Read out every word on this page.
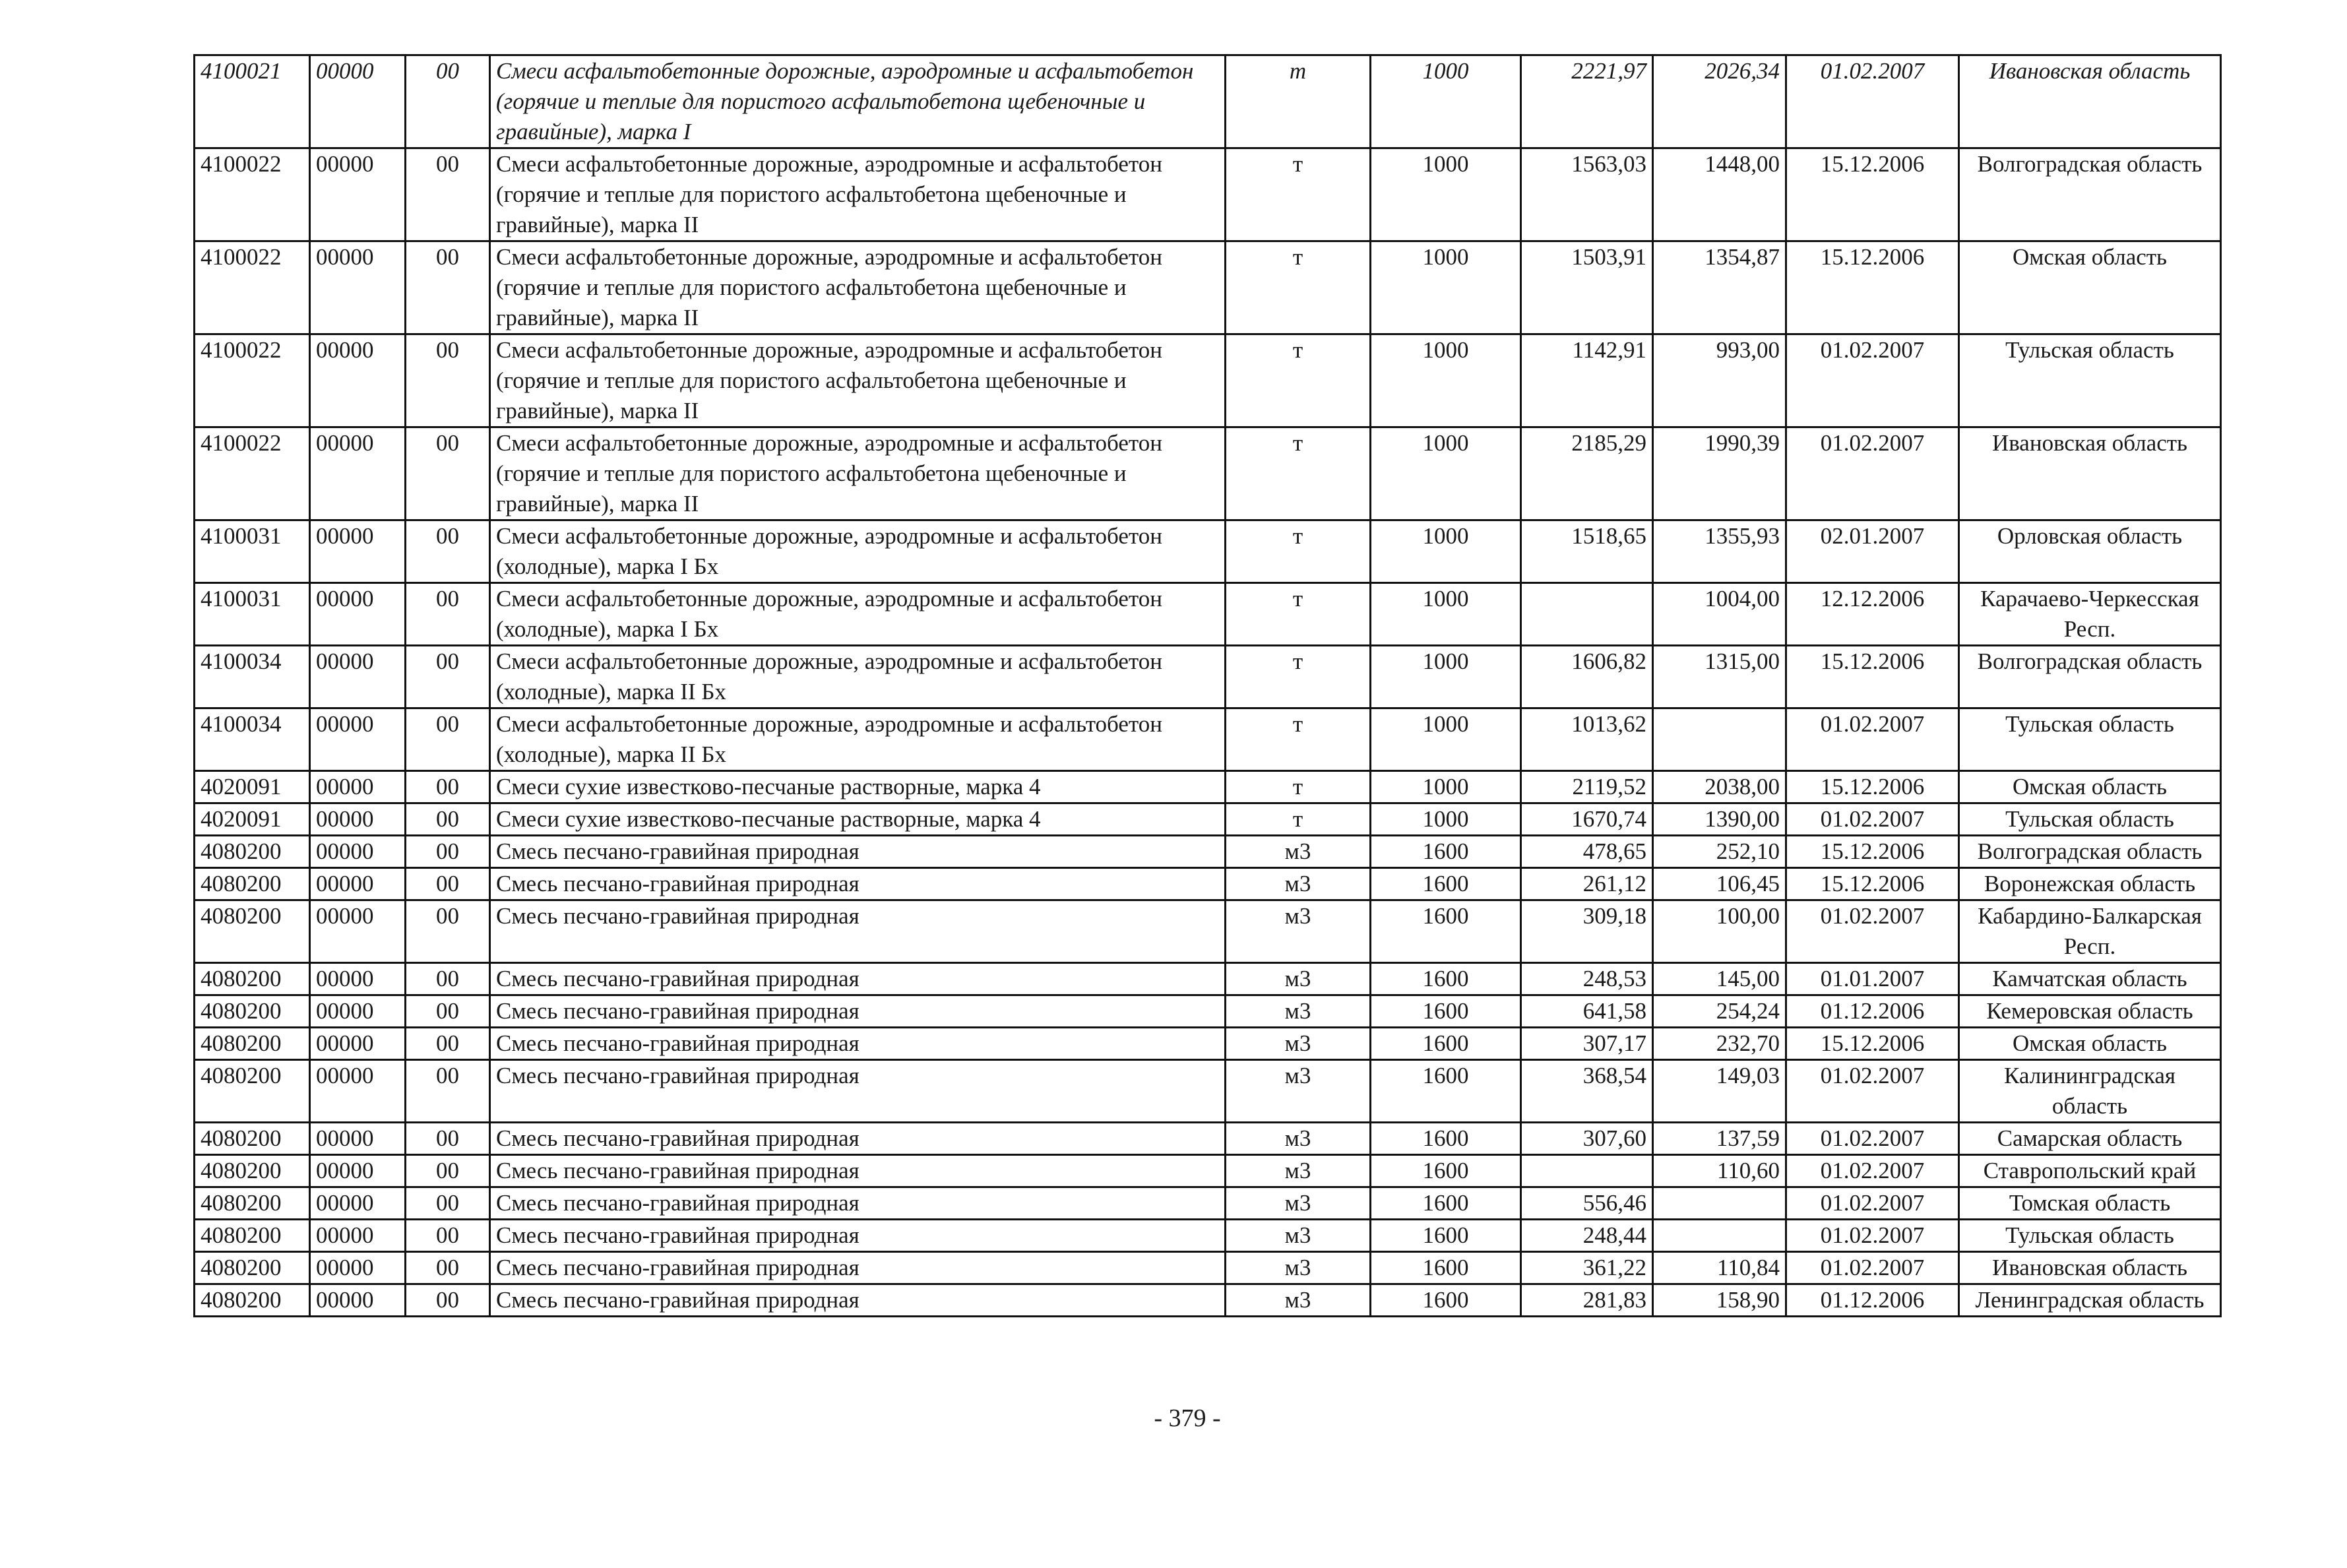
4100021	00000	00	Смеси асфальтобетонные дорожные, аэродромные и асфальтобетон (горячие и теплые для пористого асфальтобетона щебеночные и гравийные), марка I	т	1000	2221,97	2026,34	01.02.2007	Ивановская область
4100022	00000	00	Смеси асфальтобетонные дорожные, аэродромные и асфальтобетон (горячие и теплые для пористого асфальтобетона щебеночные и гравийные), марка II	т	1000	1563,03	1448,00	15.12.2006	Волгоградская область
4100022	00000	00	Смеси асфальтобетонные дорожные, аэродромные и асфальтобетон (горячие и теплые для пористого асфальтобетона щебеночные и гравийные), марка II	т	1000	1503,91	1354,87	15.12.2006	Омская область
4100022	00000	00	Смеси асфальтобетонные дорожные, аэродромные и асфальтобетон (горячие и теплые для пористого асфальтобетона щебеночные и гравийные), марка II	т	1000	1142,91	993,00	01.02.2007	Тульская область
4100022	00000	00	Смеси асфальтобетонные дорожные, аэродромные и асфальтобетон (горячие и теплые для пористого асфальтобетона щебеночные и гравийные), марка II	т	1000	2185,29	1990,39	01.02.2007	Ивановская область
4100031	00000	00	Смеси асфальтобетонные дорожные, аэродромные и асфальтобетон (холодные), марка I Бх	т	1000	1518,65	1355,93	02.01.2007	Орловская область
4100031	00000	00	Смеси асфальтобетонные дорожные, аэродромные и асфальтобетон (холодные), марка I Бх	т	1000		1004,00	12.12.2006	Карачаево-Черкесская Респ.
4100034	00000	00	Смеси асфальтобетонные дорожные, аэродромные и асфальтобетон (холодные), марка II Бх	т	1000	1606,82	1315,00	15.12.2006	Волгоградская область
4100034	00000	00	Смеси асфальтобетонные дорожные, аэродромные и асфальтобетон (холодные), марка II Бх	т	1000	1013,62		01.02.2007	Тульская область
4020091	00000	00	Смеси сухие известково-песчаные растворные, марка 4	т	1000	2119,52	2038,00	15.12.2006	Омская область
4020091	00000	00	Смеси сухие известково-песчаные растворные, марка 4	т	1000	1670,74	1390,00	01.02.2007	Тульская область
4080200	00000	00	Смесь песчано-гравийная природная	м3	1600	478,65	252,10	15.12.2006	Волгоградская область
4080200	00000	00	Смесь песчано-гравийная природная	м3	1600	261,12	106,45	15.12.2006	Воронежская область
4080200	00000	00	Смесь песчано-гравийная природная	м3	1600	309,18	100,00	01.02.2007	Кабардино-Балкарская Респ.
4080200	00000	00	Смесь песчано-гравийная природная	м3	1600	248,53	145,00	01.01.2007	Камчатская область
4080200	00000	00	Смесь песчано-гравийная природная	м3	1600	641,58	254,24	01.12.2006	Кемеровская область
4080200	00000	00	Смесь песчано-гравийная природная	м3	1600	307,17	232,70	15.12.2006	Омская область
4080200	00000	00	Смесь песчано-гравийная природная	м3	1600	368,54	149,03	01.02.2007	Калининградская область
4080200	00000	00	Смесь песчано-гравийная природная	м3	1600	307,60	137,59	01.02.2007	Самарская область
4080200	00000	00	Смесь песчано-гравийная природная	м3	1600		110,60	01.02.2007	Ставропольский край
4080200	00000	00	Смесь песчано-гравийная природная	м3	1600	556,46		01.02.2007	Томская область
4080200	00000	00	Смесь песчано-гравийная природная	м3	1600	248,44		01.02.2007	Тульская область
4080200	00000	00	Смесь песчано-гравийная природная	м3	1600	361,22	110,84	01.02.2007	Ивановская область
4080200	00000	00	Смесь песчано-гравийная природная	м3	1600	281,83	158,90	01.12.2006	Ленинградская область
- 379 -
